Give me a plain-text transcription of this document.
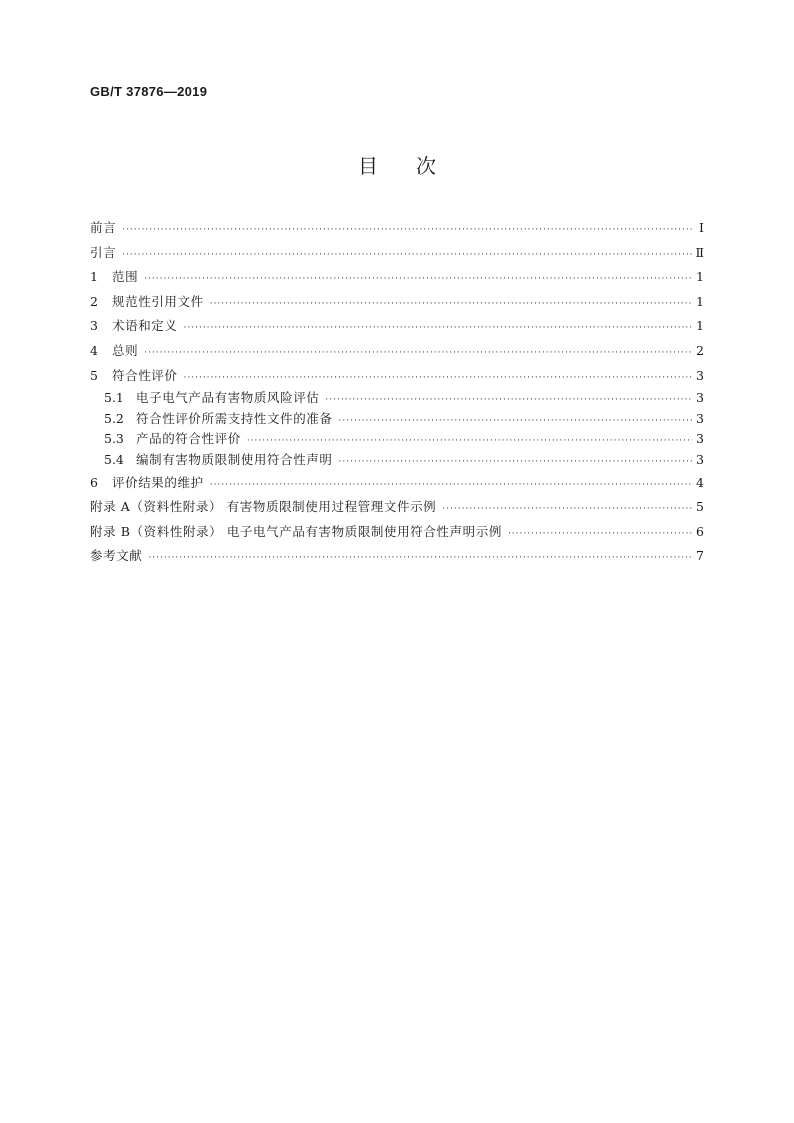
GB/T 37876—2019
目次
前言 ·····	Ⅰ
引言 ·····	Ⅱ
1	范围 ·····	1
2	规范性引用文件 ·····	1
3	术语和定义 ·····	1
4	总则 ·····	2
5	符合性评价 ·····	3
5.1 电子电气产品有害物质风险评估 ·····	3
5.2 符合性评价所需支持性文件的准备 ·····	3
5.3 产品的符合性评价 ·····	3
5.4 编制有害物质限制使用符合性声明 ·····	3
6	评价结果的维护 ·····	4
附录 A（资料性附录） 有害物质限制使用过程管理文件示例 ·····	5
附录 B（资料性附录） 电子电气产品有害物质限制使用符合性声明示例 ·····	6
参考文献 ·····	7
